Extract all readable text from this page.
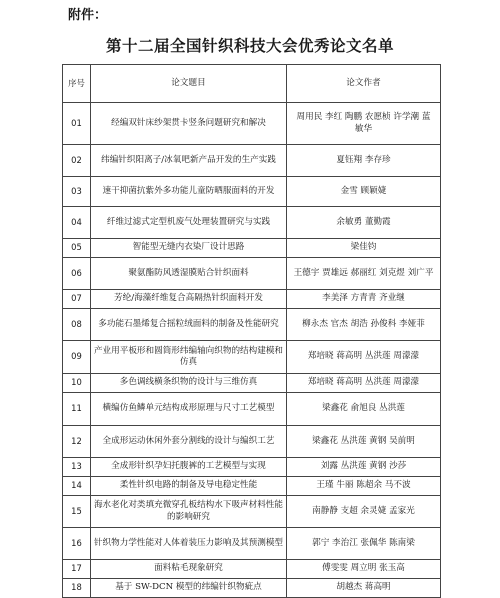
附件：
第十二届全国针织科技大会优秀论文名单
序号	论文题目	论文作者
01	经编双针床纱架贯卡竖条问题研究和解决	周用民 李红 陶鹏 农愿桢 许学潮 蓝敏华
02	纬编针织阳离子/冰氧吧新产品开发的生产实践	夏钰翔 李存珍
03	速干抑菌抗紫外多功能儿童防晒服面料的开发	金雪 顾颖婕
04	纤维过滤式定型机废气处理装置研究与实践	余敏勇 董勤霞
05	智能型无缝内衣染厂设计思路	梁佳钧
06	聚氨酯防风透湿膜贴合针织面料	王德宇 贾雄远 郝丽红 刘克煜 刘广平
07	芳纶/海藻纤维复合高隔热针织面料开发	李美泽 方青青 齐业继
08	多功能石墨烯复合摇粒绒面料的制备及性能研究	柳永杰 官杰 胡浩 孙俊科 李娅菲
09	产业用平板形和圆筒形纬编轴向织物的结构建模和仿真	郑培晓 蒋高明 丛洪莲 周濛濛
10	多色调线横条织物的设计与三维仿真	郑培晓 蒋高明 丛洪莲 周濛濛
11	横编仿鱼鳞单元结构成形原理与尺寸工艺模型	梁鑫花 俞旭良 丛洪莲
12	全成形运动休闲外套分割线的设计与编织工艺	梁鑫花 丛洪莲 黄钢 吴前明
13	全成形针织孕妇托腹裤的工艺模型与实现	刘露 丛洪莲 黄钢 沙莎
14	柔性针织电路的制备及导电稳定性能	王瑾 牛丽 陈超余 马不波
15	海水老化对类填充微穿孔板结构水下吸声材料性能的影响研究	南静静 支超 余灵婕 孟家光
16	针织物力学性能对人体着装压力影响及其预测模型	郭宁 李治江 张佩华 陈南梁
17	面料粘毛现象研究	傅雯雯 周立明 张玉高
18	基于 SW-DCN 模型的纬编针织物疵点	胡越杰 蒋高明
